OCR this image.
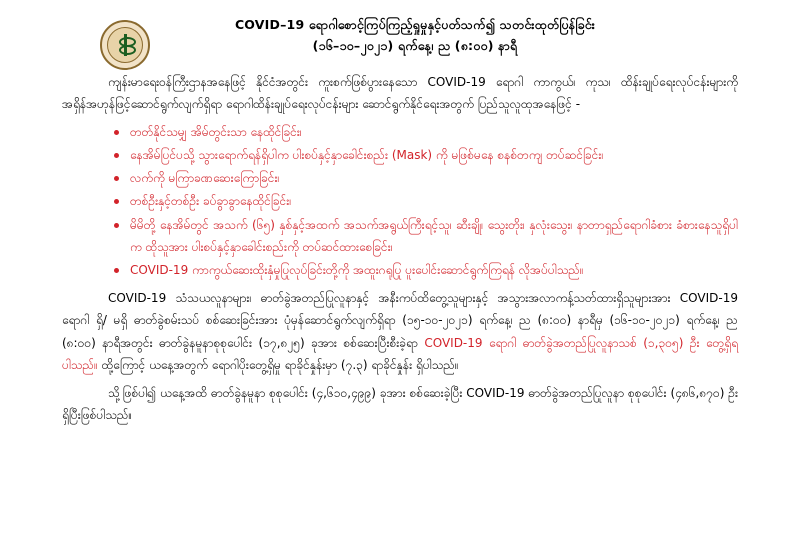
COVID–19 ရောဂါစောင့်ကြပ်ကြည့်ရှုမှုနှင့်ပတ်သက်၍ သတင်းထုတ်ပြန်ခြင်း
(၁၆–၁၀–၂၀၂၁) ရက်နေ့၊ ည (၈:၀၀) နာရီ

ကျန်းမာရေးဝန်ကြီးဌာနအနေဖြင့် နိုင်ငံအတွင်း ကူးစက်ဖြစ်ပွားနေသော COVID-19 ရောဂါ ကာကွယ်၊ ကုသ၊ ထိန်းချုပ်ရေးလုပ်ငန်းများကို အရှိန်အဟုန်ဖြင့်ဆောင်ရွက်လျက်ရှိရာ ရောဂါထိန်းချုပ်ရေးလုပ်ငန်းများ ဆောင်ရွက်နိုင်ရေးအတွက် ပြည်သူလူထုအနေဖြင့် -

တတ်နိုင်သမျှ အိမ်တွင်းသာ နေထိုင်ခြင်း၊
နေအိမ်ပြင်ပသို့ သွားရောက်ရန်ရှိပါက ပါးစပ်နှင့်နှာခေါင်းစည်း (Mask) ကို မဖြစ်မနေ စနစ်တကျ တပ်ဆင်ခြင်း၊
လက်ကို မကြာခဏဆေးကြောခြင်း၊
တစ်ဦးနှင့်တစ်ဦး ခပ်ခွာခွာနေထိုင်ခြင်း၊
မိမိတို့ နေအိမ်တွင် အသက် (၆၅) နှစ်နှင့်အထက် အသက်အရွယ်ကြီးရင့်သူ၊ ဆီးချို၊ သွေးတိုး၊ နှလုံးသွေး၊ နာတာရှည်ရောဂါခံစား ခံစားနေသူရှိပါက ထိုသူအား ပါးစပ်နှင့်နှာခေါင်းစည်းကို တပ်ဆင်ထားစေခြင်း၊
COVID-19 ကာကွယ်ဆေးထိုးနှံမှုပြုလုပ်ခြင်းတို့ကို အထူးဂရုပြု ပူးပေါင်းဆောင်ရွက်ကြရန် လိုအပ်ပါသည်။

COVID-19 သံသယလူနာများ၊ ဓာတ်ခွဲအတည်ပြုလူနာနှင့် အနီးကပ်ထိတွေ့သူများနှင့် အသွားအလာကန့်သတ်ထားရှိသူများအား COVID-19 ရောဂါ ရှိ/ မရှိ ဓာတ်ခွဲစမ်းသပ် စစ်ဆေးခြင်းအား ပုံမှန်ဆောင်ရွက်လျက်ရှိရာ (၁၅-၁၀-၂၀၂၁) ရက်နေ့၊ ည (၈:၀၀) နာရီမှ (၁၆-၁၀-၂၀၂၁) ရက်နေ့၊ ည (၈:၀၀) နာရီအတွင်း ဓာတ်ခွဲနမူနာစုစုပေါင်း (၁၇,၈၂၅) ခုအား စစ်ဆေးပြီးစီးခဲ့ရာ COVID-19 ရောဂါ ဓာတ်ခွဲအတည်ပြုလူနာသစ် (၁,၃၀၅) ဦး တွေ့ရှိရပါသည်။ ထို့ကြောင့် ယနေ့အတွက် ရောဂါပိုးတွေ့ရှိမှု ရာခိုင်နှုန်းမှာ (၇.၃) ရာခိုင်နှုန်း ရှိပါသည်။

သို့ဖြစ်ပါ၍ ယနေ့အထိ ဓာတ်ခွဲနမူနာ စုစုပေါင်း (၄,၆၁၀,၄၉၉) ခုအား စစ်ဆေးခဲ့ပြီး COVID-19 ဓာတ်ခွဲအတည်ပြုလူနာ စုစုပေါင်း (၄၈၆,၈၇၀) ဦး ရှိပြီးဖြစ်ပါသည်။
